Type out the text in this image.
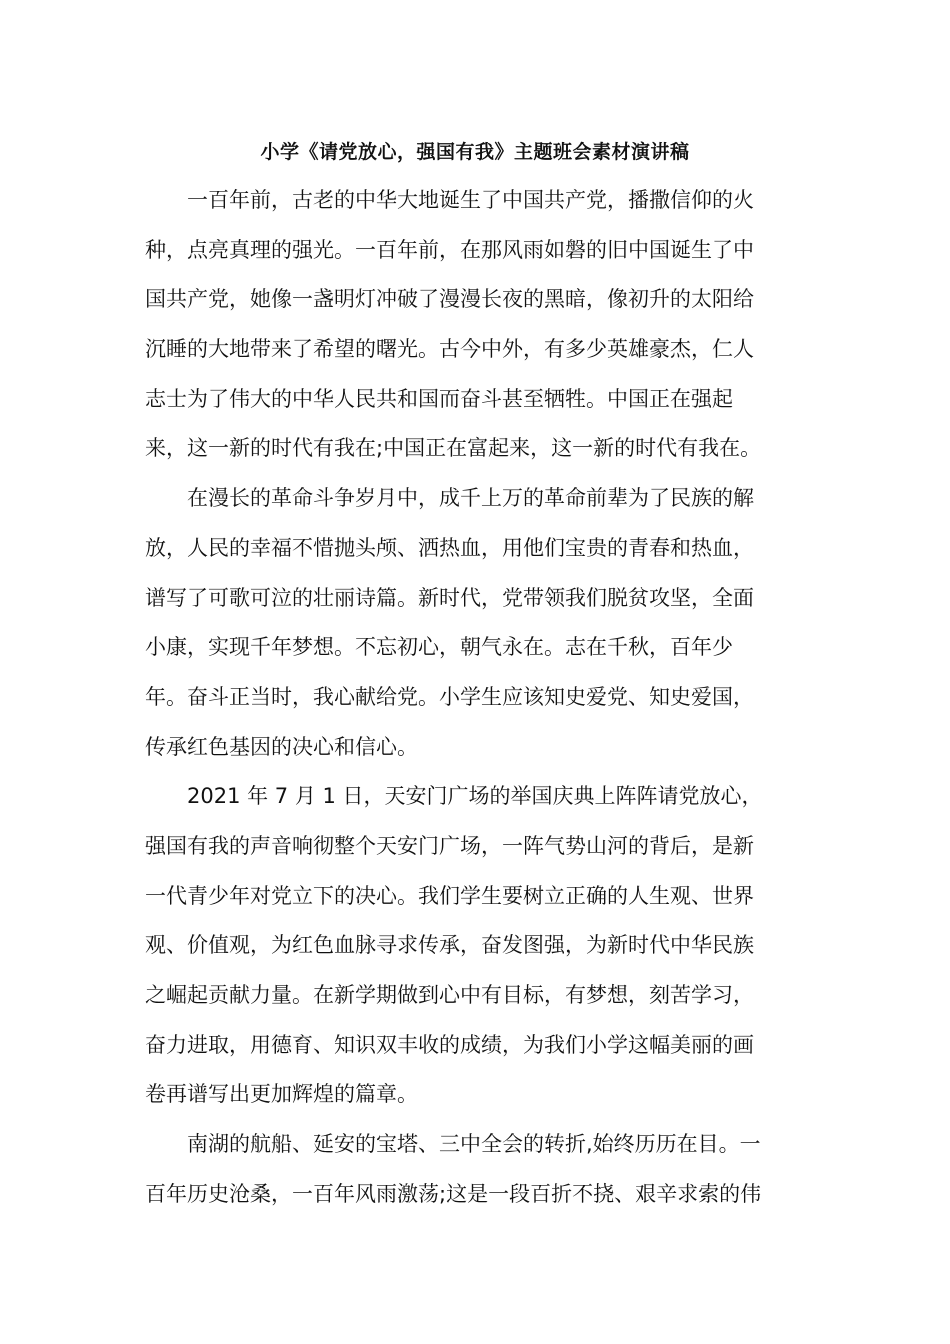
小学《请党放心，强国有我》主题班会素材演讲稿
一百年前，古老的中华大地诞生了中国共产党，播撒信仰的火
种，点亮真理的强光。一百年前，在那风雨如磐的旧中国诞生了中
国共产党，她像一盏明灯冲破了漫漫长夜的黑暗，像初升的太阳给
沉睡的大地带来了希望的曙光。古今中外，有多少英雄豪杰，仁人
志士为了伟大的中华人民共和国而奋斗甚至牺牲。中国正在强起
来，这一新的时代有我在;中国正在富起来，这一新的时代有我在。
在漫长的革命斗争岁月中，成千上万的革命前辈为了民族的解
放，人民的幸福不惜抛头颅、洒热血，用他们宝贵的青春和热血，
谱写了可歌可泣的壮丽诗篇。新时代，党带领我们脱贫攻坚，全面
小康，实现千年梦想。不忘初心，朝气永在。志在千秋，百年少
年。奋斗正当时，我心献给党。小学生应该知史爱党、知史爱国，
传承红色基因的决心和信心。
2021 年 7 月 1 日，天安门广场的举国庆典上阵阵请党放心，
强国有我的声音响彻整个天安门广场，一阵气势山河的背后，是新
一代青少年对党立下的决心。我们学生要树立正确的人生观、世界
观、价值观，为红色血脉寻求传承，奋发图强，为新时代中华民族
之崛起贡献力量。在新学期做到心中有目标，有梦想，刻苦学习，
奋力进取，用德育、知识双丰收的成绩，为我们小学这幅美丽的画
卷再谱写出更加辉煌的篇章。
南湖的航船、延安的宝塔、三中全会的转折,始终历历在目。一
百年历史沧桑，一百年风雨激荡;这是一段百折不挠、艰辛求索的伟
